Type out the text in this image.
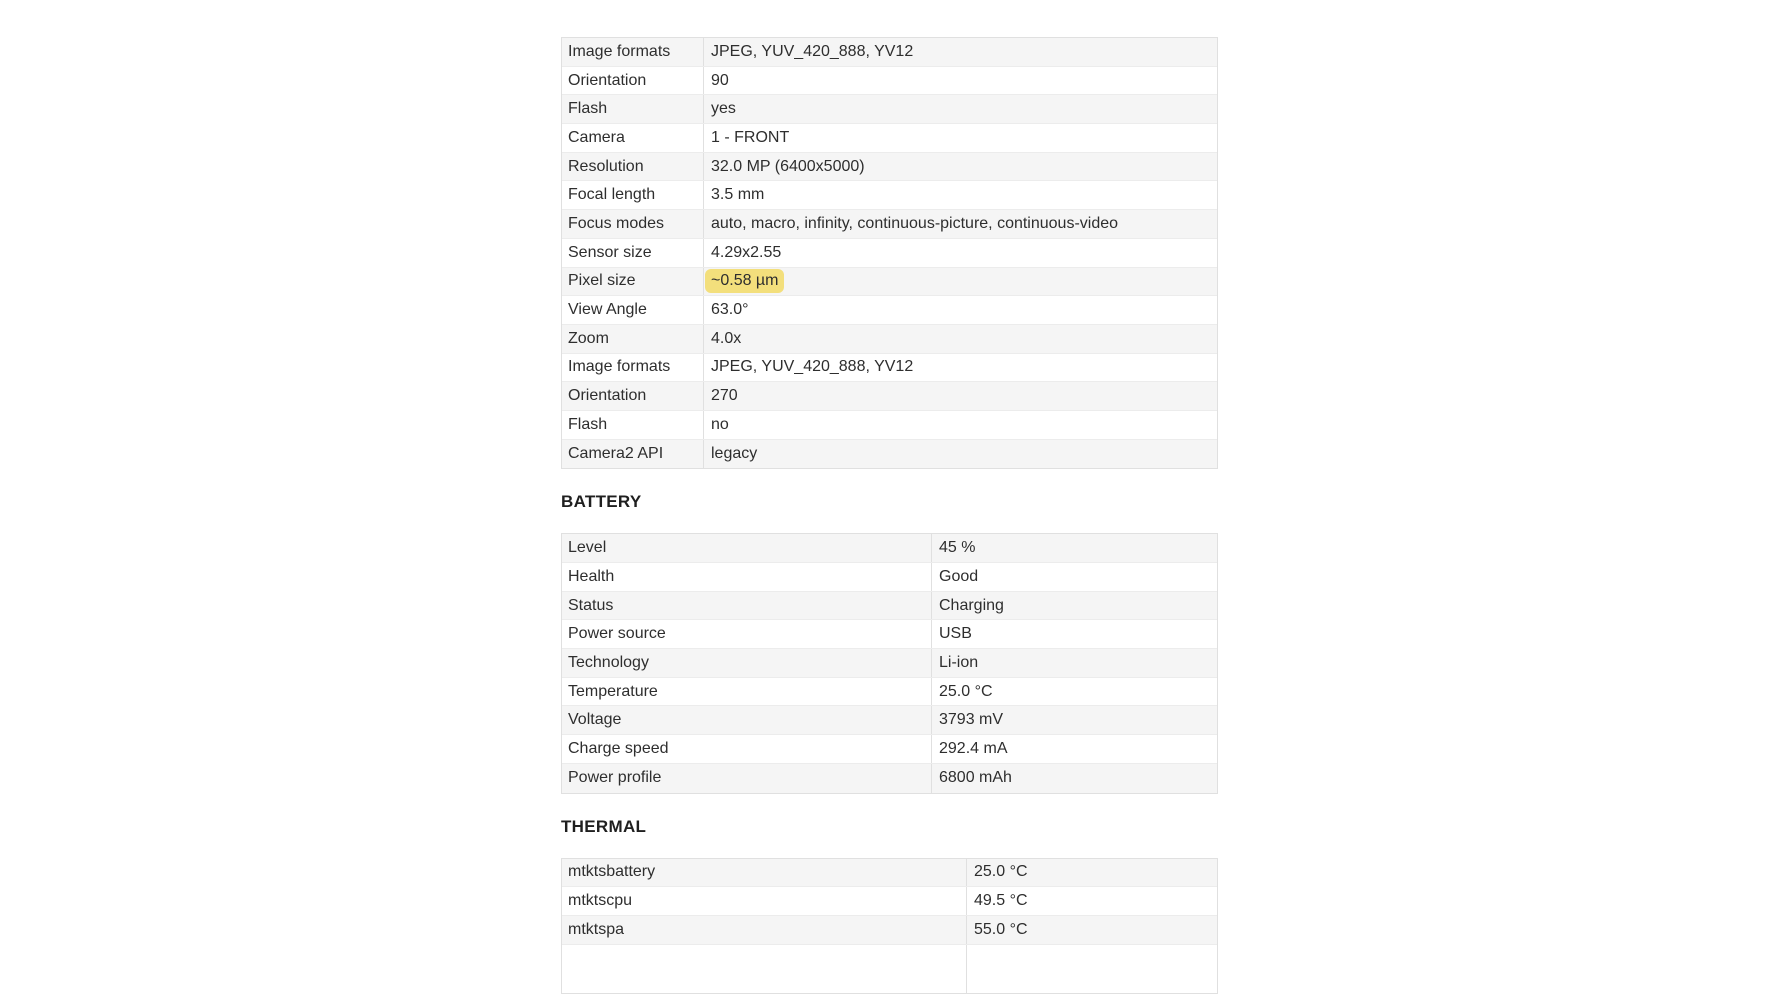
Image formats	JPEG, YUV_420_888, YV12
Orientation	90
Flash	yes
Camera	1 - FRONT
Resolution	32.0 MP (6400x5000)
Focal length	3.5 mm
Focus modes	auto, macro, infinity, continuous-picture, continuous-video
Sensor size	4.29x2.55
Pixel size	~0.58 µm
View Angle	63.0°
Zoom	4.0x
Image formats	JPEG, YUV_420_888, YV12
Orientation	270
Flash	no
Camera2 API	legacy
BATTERY
Level	45 %
Health	Good
Status	Charging
Power source	USB
Technology	Li-ion
Temperature	25.0 °C
Voltage	3793 mV
Charge speed	292.4 mA
Power profile	6800 mAh
THERMAL
mtktsbattery	25.0 °C
mtktscpu	49.5 °C
mtktspa	55.0 °C
